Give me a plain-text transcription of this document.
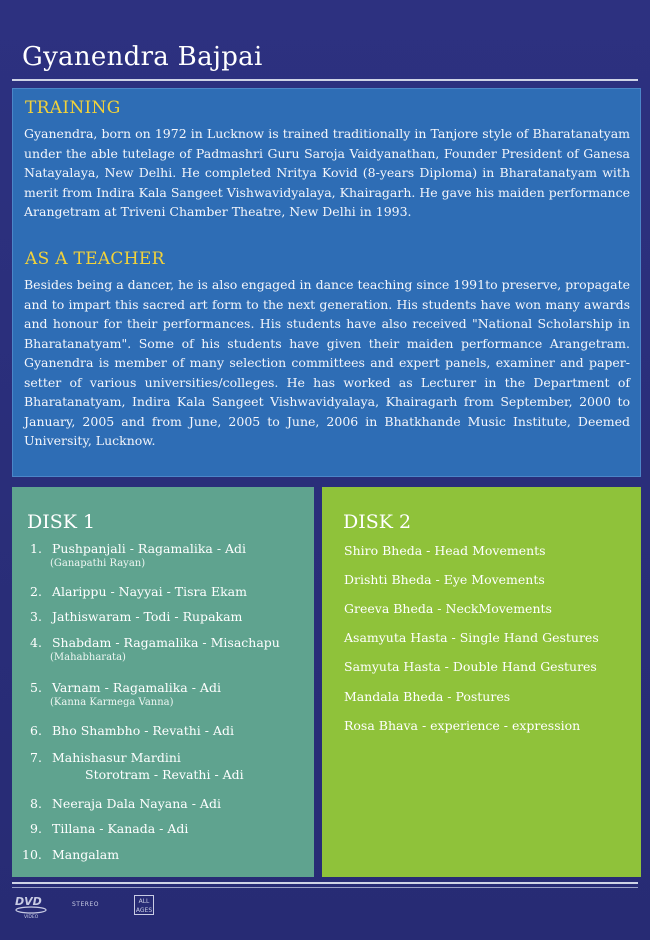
Gyanendra Bajpai
TRAINING

Gyanendra, born on 1972 in Lucknow is trained traditionally in Tanjore style of Bharatanatyam under the able tutelage of Padmashri Guru Saroja Vaidyanathan, Founder President of Ganesa Natayalaya, New Delhi. He completed Nritya Kovid (8-years Diploma) in Bharatanatyam with merit from Indira Kala Sangeet Vishwavidyalaya, Khairagarh. He gave his maiden performance Arangetram at Triveni Chamber Theatre, New Delhi in 1993.

AS A TEACHER

Besides being a dancer, he is also engaged in dance teaching since 1991to preserve, propagate and to impart this sacred art form to the next generation. His students have won many awards and honour for their performances. His students have also received "National Scholarship in Bharatanatyam". Some of his students have given their maiden performance Arangetram. Gyanendra is member of many selection committees and expert panels, examiner and paper-setter of various universities/colleges. He has worked as Lecturer in the Department of Bharatanatyam, Indira Kala Sangeet Vishwavidyalaya, Khairagarh from September, 2000 to January, 2005 and from June, 2005 to June, 2006 in Bhatkhande Music Institute, Deemed University, Lucknow.

DISK 1
1. Pushpanjali - Ragamalika - Adi
(Ganapathi Rayan)
2. Alarippu - Nayyai - Tisra Ekam
3. Jathiswaram - Todi - Rupakam
4. Shabdam - Ragamalika - Misachapu
(Mahabharata)
5. Varnam - Ragamalika - Adi
(Kanna Karmega Vanna)
6. Bho Shambho - Revathi - Adi
7. Mahishasur Mardini
Storotram - Revathi - Adi
8. Neeraja Dala Nayana - Adi
9. Tillana - Kanada - Adi
10. Mangalam
DISK 2
Shiro Bheda - Head Movements
Drishti Bheda - Eye Movements
Greeva Bheda - NeckMovements
Asamyuta Hasta - Single Hand Gestures
Samyuta Hasta - Double Hand Gestures
Mandala Bheda - Postures
Rosa Bhava - experience - expression
DVD
VIDEO
STEREO	ALL
AGES
